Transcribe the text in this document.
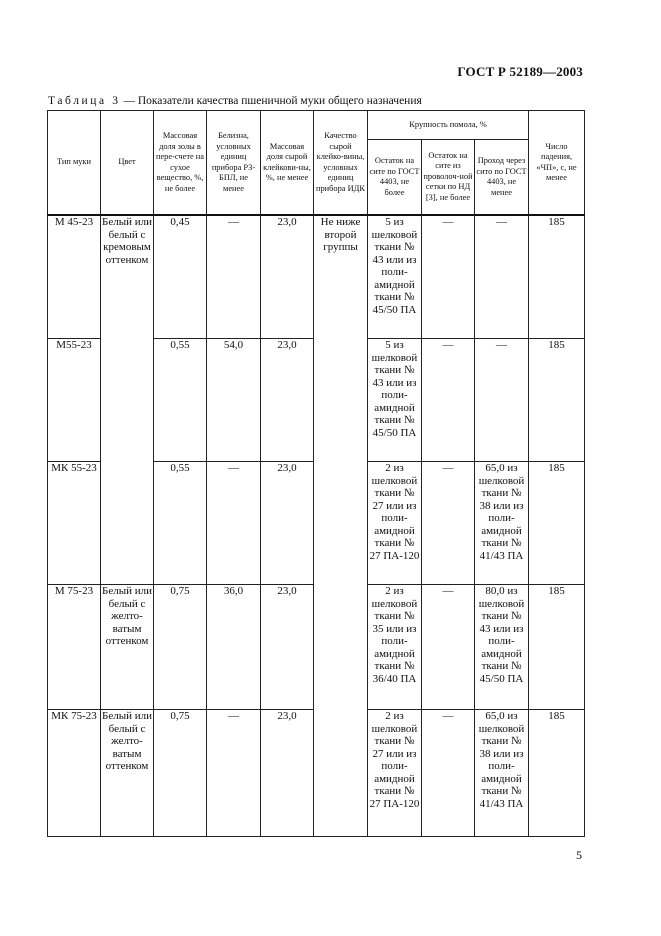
ГОСТ Р 52189—2003
Таблица 3 — Показатели качества пшеничной муки общего назначения
Тип муки	Цвет	Массовая доля золы в пере-счете на сухое вещество, %, не более	Белизна, условных единиц прибора РЗ-БПЛ, не менее	Массовая доля сырой клейкови-ны, %, не менее	Качество сырой клейко-вины, условных единиц прибора ИДК	Крупность помола, %			Число падения, «ЧП», с, не менее
						Остаток на сите по ГОСТ 4403, не более	Остаток на сите из проволоч-ной сетки по НД [3], не более	Проход через сито по ГОСТ 4403, не менее	
М 45-23	Белый или белый с кремовым оттенком	0,45	—	23,0	Не ниже второй группы	5 из шелковой ткани № 43 или из поли-амидной ткани № 45/50 ПА	—	—	185
М55-23		0,55	54,0	23,0		5 из шелковой ткани № 43 или из поли-амидной ткани № 45/50 ПА	—	—	185
МК 55-23		0,55	—	23,0		2 из шелковой ткани № 27 или из поли-амидной ткани № 27 ПА-120	—	65,0 из шелковой ткани № 38 или из поли-амидной ткани № 41/43 ПА	185
М 75-23	Белый или белый с желто-ватым оттенком	0,75	36,0	23,0		2 из шелковой ткани № 35 или из поли-амидной ткани № 36/40 ПА	—	80,0 из шелковой ткани № 43 или из поли-амидной ткани № 45/50 ПА	185
МК 75-23	Белый или белый с желто-ватым оттенком	0,75	—	23,0		2 из шелковой ткани № 27 или из поли-амидной ткани № 27 ПА-120	—	65,0 из шелковой ткани № 38 или из поли-амидной ткани № 41/43 ПА	185
5
